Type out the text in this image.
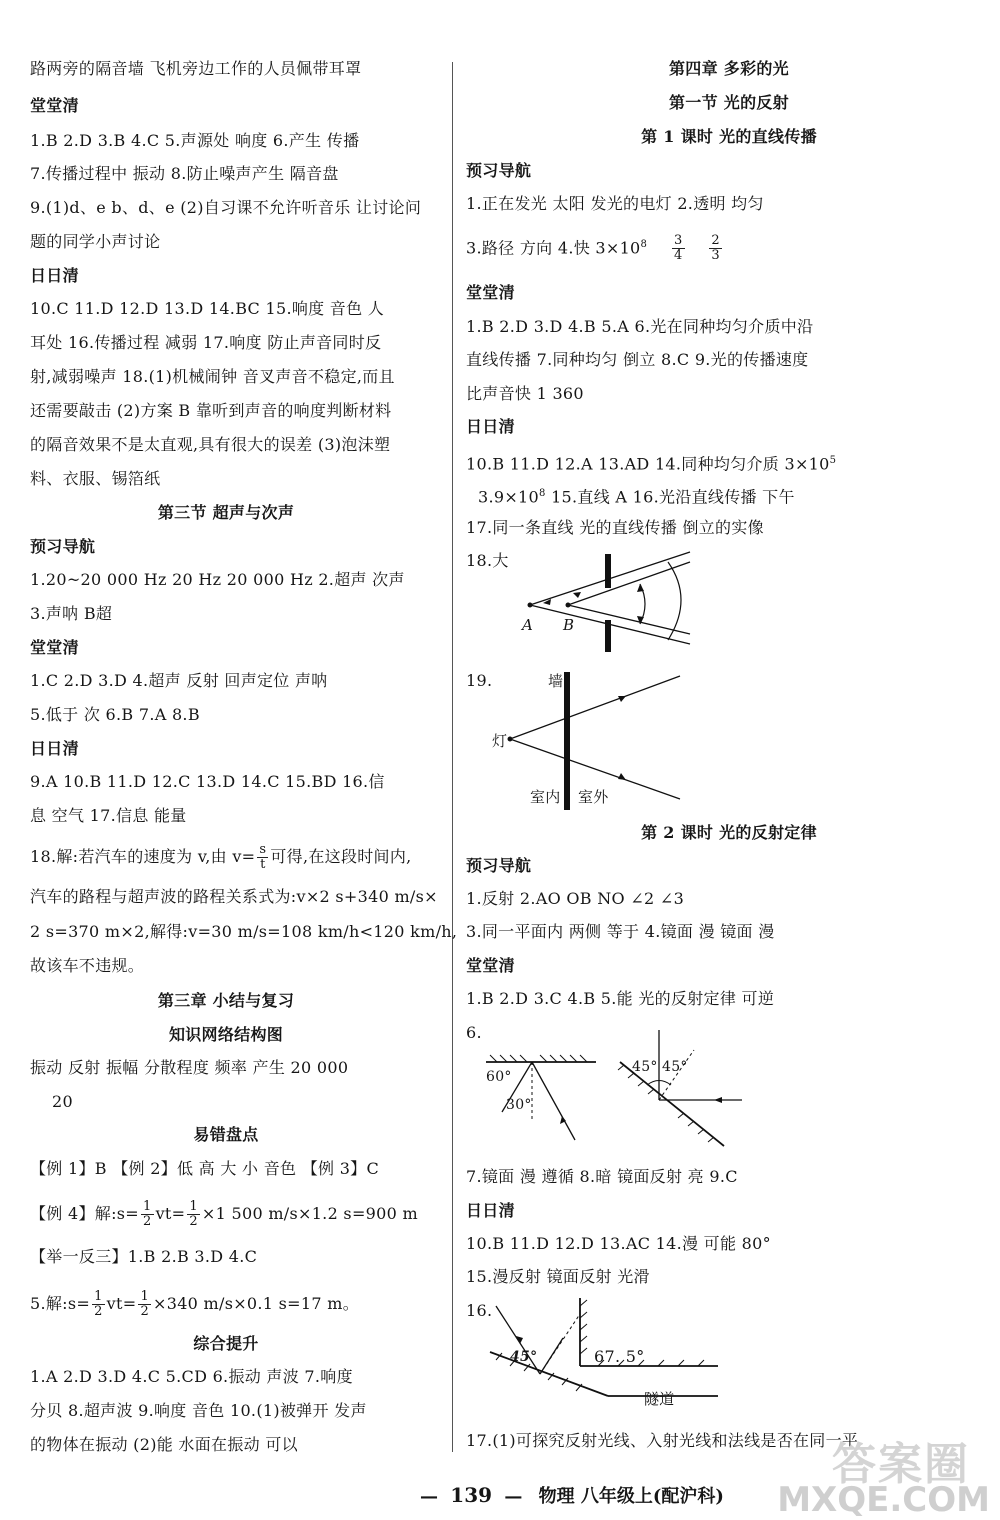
路两旁的隔音墙 飞机旁边工作的人员佩带耳罩
堂堂清
1.B 2.D 3.B 4.C 5.声源处 响度 6.产生 传播
7.传播过程中 振动 8.防止噪声产生 隔音盘
9.(1)d、e b、d、e (2)自习课不允许听音乐 让讨论问
题的同学小声讨论
日日清
10.C 11.D 12.D 13.D 14.BC 15.响度 音色 人
耳处 16.传播过程 减弱 17.响度 防止声音同时反
射,减弱噪声 18.(1)机械闹钟 音叉声音不稳定,而且
还需要敲击 (2)方案 B 靠听到声音的响度判断材料
的隔音效果不是太直观,具有很大的误差 (3)泡沫塑
料、衣服、锡箔纸
第三节 超声与次声
预习导航
1.20~20 000 Hz 20 Hz 20 000 Hz 2.超声 次声
3.声呐 B超
堂堂清
1.C 2.D 3.D 4.超声 反射 回声定位 声呐
5.低于 次 6.B 7.A 8.B
日日清
9.A 10.B 11.D 12.C 13.D 14.C 15.BD 16.信
息 空气 17.信息 能量
18.解:若汽车的速度为 v,由 $v= \frac{s}{t}$ 可得,在这段时间内,
汽车的路程与超声波的路程关系式为:v×2 s+340 m/s×
2 s=370 m×2,解得:v=30 m/s=108 km/h<120 km/h,
故该车不违规。
第三章 小结与复习
知识网络结构图
振动 反射 振幅 分散程度 频率 产生 20 000
20
易错盘点
【例 1】B 【例 2】低 高 大 小 音色 【例 3】C
【例 4】解:s= $\frac{1}{2} vt= \frac{1}{2} \times 1$ 500 m/s×1.2 s=900 m
【举一反三】1.B 2.B 3.D 4.C
5.解:s= $\frac{1}{2} vt= \frac{1}{2} \times 340$ m/s×0.1 s=17 m。
综合提升
1.A 2.D 3.D 4.C 5.CD 6.振动 声波 7.响度
分贝 8.超声波 9.响度 音色 10.(1)被弹开 发声
的物体在振动 (2)能 水面在振动 可以
第四章 多彩的光
第一节 光的反射
第 1 课时 光的直线传播
预习导航
1.正在发光 太阳 发光的电灯 2.透明 均匀
3.路径 方向 4.快 $3\times 10^8 \frac{3}{4}$
$\frac{2}{3}$
堂堂清
1.B 2.D 3.D 4.B 5.A 6.光在同种均匀介质中沿
直线传播 7.同种均匀 倒立 8.C 9.光的传播速度
比声音快 1 360
日日清
10.B 11.D 12.A 13.AD 14.同种均匀介质 $3\times 10^5$
$3.9\times 10^8$ 15.直线 A 16.光沿直线传播 下午
17.同一条直线 光的直线传播 倒立的实像
18.大
A B
19.	墙
灯
室内 室外
第 2 课时 光的反射定律
预习导航
1.反射 2.AO OB NO ∠2 ∠3
3.同一平面内 两侧 等于 4.镜面 漫 镜面 漫
堂堂清
1.B 2.D 3.C 4.B 5.能 光的反射定律 可逆
6.
60°
30°
45° 45°
7.镜面 漫 遵循 8.暗 镜面反射 亮 9.C
日日清
10.B 11.D 12.D 13.AC 14.漫 可能 80°
15.漫反射 镜面反射 光滑
16.
45°	67. 5°
隧道
17.(1)可探究反射光线、入射光线和法线是否在同一平
— 139 — 物理 八年级上(配沪科)
答案圈
MXQE.COM
